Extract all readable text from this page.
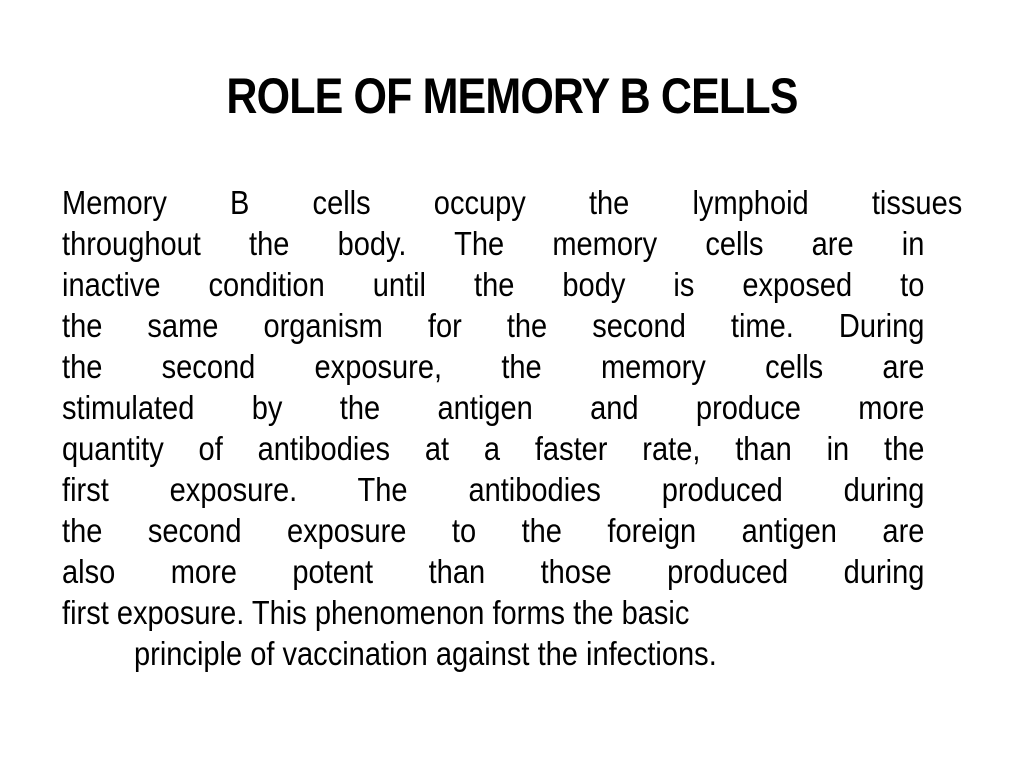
ROLE OF MEMORY B CELLS
Memory B cells occupy the lymphoid tissues
throughout the body. The memory cells are in
inactive condition until the body is exposed to
the same organism for the second time. During
the second exposure, the memory cells are
stimulated by the antigen and produce more
quantity of antibodies at a faster rate, than in the
first exposure. The antibodies produced during
the second exposure to the foreign antigen are
also more potent than those produced during
first exposure. This phenomenon forms the basic
principle of vaccination against the infections.
